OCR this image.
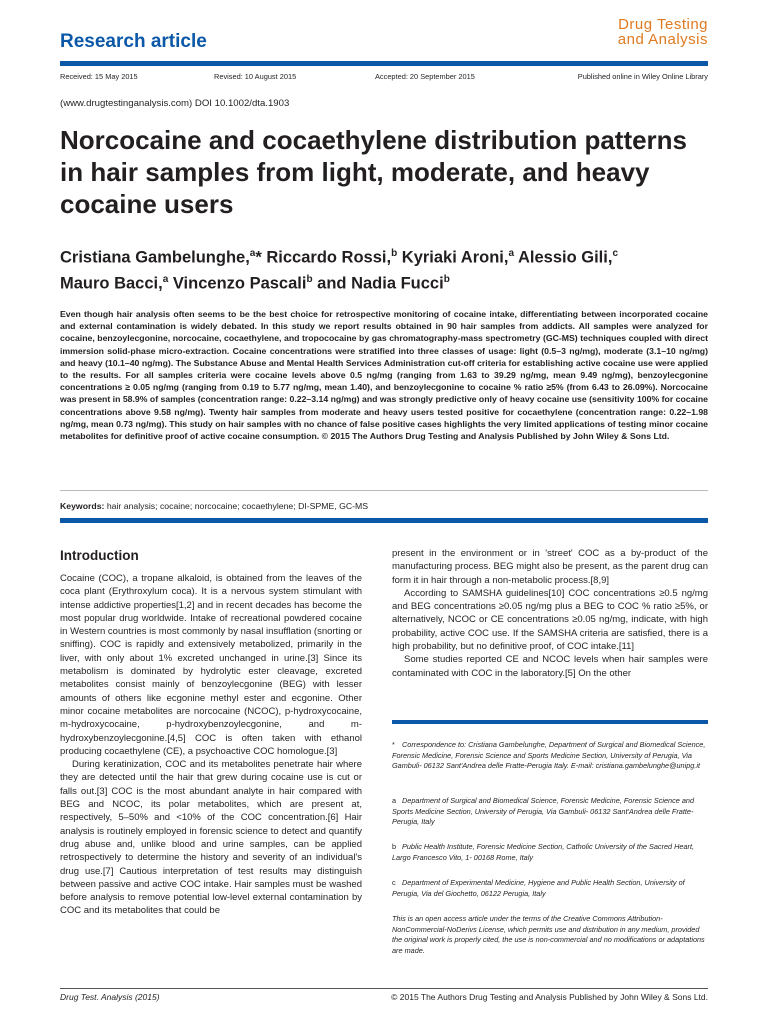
Research article
Drug Testing
and Analysis
Received: 15 May 2015	Revised: 10 August 2015	Accepted: 20 September 2015	Published online in Wiley Online Library
(www.drugtestinganalysis.com) DOI 10.1002/dta.1903
Norcocaine and cocaethylene distribution patterns in hair samples from light, moderate, and heavy cocaine users
Cristiana Gambelunghe,$^a$* Riccardo Rossi,$^b$ Kyriaki Aroni,$^a$ Alessio Gili,$^c$
Mauro Bacci,$^a$ Vincenzo Pascali$^b$ and Nadia Fucci$^b$
Even though hair analysis often seems to be the best choice for retrospective monitoring of cocaine intake, differentiating between incorporated cocaine and external contamination is widely debated. In this study we report results obtained in 90 hair samples from addicts. All samples were analyzed for cocaine, benzoylecgonine, norcocaine, cocaethylene, and tropococaine by gas chromatography-mass spectrometry (GC-MS) techniques coupled with direct immersion solid-phase micro-extraction. Cocaine concentrations were stratified into three classes of usage: light (0.5–3 ng/mg), moderate (3.1–10 ng/mg) and heavy (10.1–40 ng/mg). The Substance Abuse and Mental Health Services Administration cut-off criteria for establishing active cocaine use were applied to the results. For all samples criteria were cocaine levels above 0.5 ng/mg (ranging from 1.63 to 39.29 ng/mg, mean 9.49 ng/mg), benzoylecgonine concentrations ≥ 0.05 ng/mg (ranging from 0.19 to 5.77 ng/mg, mean 1.40), and benzoylecgonine to cocaine % ratio ≥5% (from 6.43 to 26.09%). Norcocaine was present in 58.9% of samples (concentration range: 0.22–3.14 ng/mg) and was strongly predictive only of heavy cocaine use (sensitivity 100% for cocaine concentrations above 9.58 ng/mg). Twenty hair samples from moderate and heavy users tested positive for cocaethylene (concentration range: 0.22–1.98 ng/mg, mean 0.73 ng/mg). This study on hair samples with no chance of false positive cases highlights the very limited applications of testing minor cocaine metabolites for definitive proof of active cocaine consumption. © 2015 The Authors Drug Testing and Analysis Published by John Wiley & Sons Ltd.
Keywords: hair analysis; cocaine; norcocaine; cocaethylene; DI-SPME, GC-MS
Introduction

Cocaine (COC), a tropane alkaloid, is obtained from the leaves of the coca plant (Erythroxylum coca). It is a nervous system stimulant with intense addictive properties[1,2] and in recent decades has become the most popular drug worldwide. Intake of recreational powdered cocaine in Western countries is most commonly by nasal insufflation (snorting or sniffing). COC is rapidly and extensively metabolized, primarily in the liver, with only about 1% excreted unchanged in urine.[3] Since its metabolism is dominated by hydrolytic ester cleavage, excreted metabolites consist mainly of benzoylecgonine (BEG) with lesser amounts of others like ecgonine methyl ester and ecgonine. Other minor cocaine metabolites are norcocaine (NCOC), p-hydroxycocaine, m-hydroxycocaine, p-hydroxybenzoylecgonine, and m-hydroxybenzoylecgonine.[4,5] COC is often taken with ethanol producing cocaethylene (CE), a psychoactive COC homologue.[3]

During keratinization, COC and its metabolites penetrate hair where they are detected until the hair that grew during cocaine use is cut or falls out.[3] COC is the most abundant analyte in hair compared with BEG and NCOC, its polar metabolites, which are present at, respectively, 5–50% and <10% of the COC concentration.[6] Hair analysis is routinely employed in forensic science to detect and quantify drug abuse and, unlike blood and urine samples, can be applied retrospectively to determine the history and severity of an individual's drug use.[7] Cautious interpretation of test results may distinguish between passive and active COC intake. Hair samples must be washed before analysis to remove potential low-level external contamination by COC and its metabolites that could be

present in the environment or in 'street' COC as a by-product of the manufacturing process. BEG might also be present, as the parent drug can form it in hair through a non-metabolic process.[8,9]

According to SAMSHA guidelines[10] COC concentrations ≥0.5 ng/mg and BEG concentrations ≥0.05 ng/mg plus a BEG to COC % ratio ≥5%, or alternatively, NCOC or CE concentrations ≥0.05 ng/mg, indicate, with high probability, active COC use. If the SAMSHA criteria are satisfied, there is a high probability, but no definitive proof, of COC intake.[11]

Some studies reported CE and NCOC levels when hair samples were contaminated with COC in the laboratory.[5] On the other

* Correspondence to: Cristiana Gambelunghe, Department of Surgical and Biomedical Science, Forensic Medicine, Forensic Science and Sports Medicine Section, University of Perugia, Via Gambuli- 06132 Sant'Andrea delle Fratte-Perugia Italy. E-mail: cristiana.gambelunghe@unipg.it
a Department of Surgical and Biomedical Science, Forensic Medicine, Forensic Science and Sports Medicine Section, University of Perugia, Via Gambuli- 06132 Sant'Andrea delle Fratte-Perugia, Italy
b Public Health Institute, Forensic Medicine Section, Catholic University of the Sacred Heart, Largo Francesco Vito, 1- 00168 Rome, Italy
c Department of Experimental Medicine, Hygiene and Public Health Section, University of Perugia, Via del Giochetto, 06122 Perugia, Italy
This is an open access article under the terms of the Creative Commons Attribution-NonCommercial-NoDerivs License, which permits use and distribution in any medium, provided the original work is properly cited, the use is non-commercial and no modifications or adaptations are made.
Drug Test. Analysis (2015)	© 2015 The Authors Drug Testing and Analysis Published by John Wiley & Sons Ltd.
